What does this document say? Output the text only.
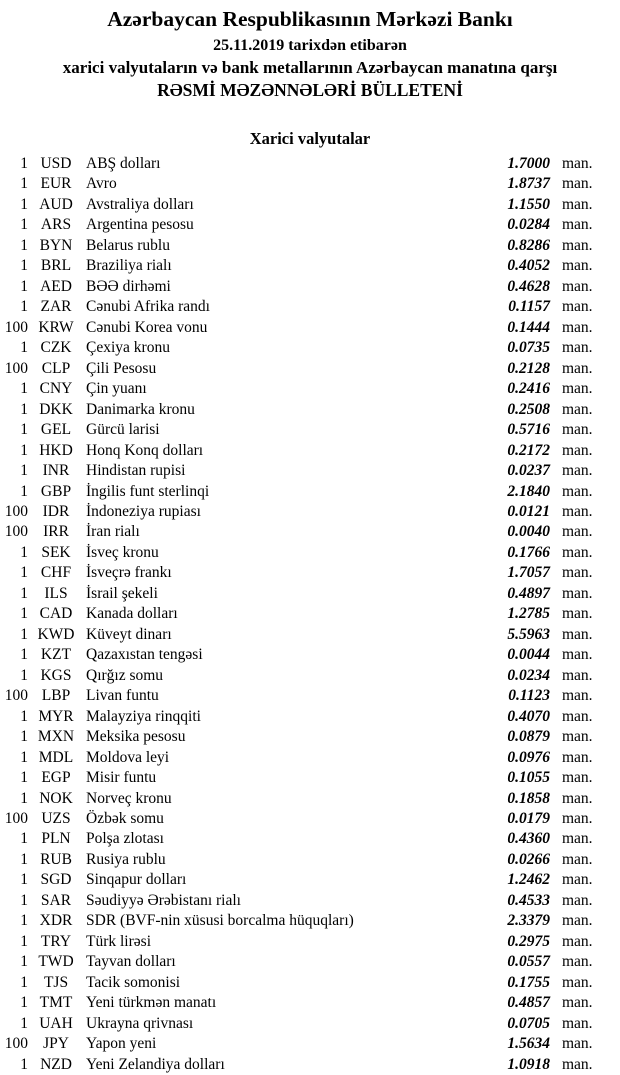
Azərbaycan Respublikasının Mərkəzi Bankı
25.11.2019 tarixdən etibarən
xarici valyutaların və bank metallarının Azərbaycan manatına qarşı
RƏSMİ MƏZƏNNƏLƏRİ BÜLLETENİ
Xarici valyutalar
1 USD ABŞ dolları	1.7000 man.
1 EUR Avro	1.8737 man.
1 AUD Avstraliya dolları	1.1550 man.
1 ARS Argentina pesosu	0.0284 man.
1 BYN Belarus rublu	0.8286 man.
1 BRL Braziliya rialı	0.4052 man.
1 AED BƏƏ dirhəmi	0.4628 man.
1 ZAR Cənubi Afrika randı	0.1157 man.
100 KRW Cənubi Korea vonu	0.1444 man.
1 CZK Çexiya kronu	0.0735 man.
100 CLP	Çili Pesosu	0.2128 man.
1 CNY Çin yuanı	0.2416 man.
1 DKK Danimarka kronu	0.2508 man.
1 GEL Gürcü larisi	0.5716 man.
1 HKD Honq Konq dolları	0.2172 man.
1 INR	Hindistan rupisi	0.0237 man.
1 GBP İngilis funt sterlinqi	2.1840 man.
100 IDR	İndoneziya rupiası	0.0121 man.
100 IRR	İran rialı	0.0040 man.
1 SEK İsveç kronu	0.1766 man.
1 CHF İsveçrə frankı	1.7057 man.
1	ILS	İsrail şekeli	0.4897 man.
1 CAD Kanada dolları	1.2785 man.
1 KWD Küveyt dinarı	5.5963 man.
1 KZT Qazaxıstan tengəsi	0.0044 man.
1 KGS Qırğız somu	0.0234 man.
100 LBP	Livan funtu	0.1123 man.
1 MYR Malayziya rinqqiti	0.4070 man.
1 MXN Meksika pesosu	0.0879 man.
1 MDL Moldova leyi	0.0976 man.
1 EGP Misir funtu	0.1055 man.
1 NOK Norveç kronu	0.1858 man.
100 UZS Özbək somu	0.0179 man.
1 PLN Polşa zlotası	0.4360 man.
1 RUB Rusiya rublu	0.0266 man.
1 SGD Sinqapur dolları	1.2462 man.
1 SAR Səudiyyə Ərəbistanı rialı	0.4533 man.
1 XDR SDR (BVF-nin xüsusi borcalma hüquqları)	2.3379 man.
1 TRY Türk lirəsi	0.2975 man.
1 TWD Tayvan dolları	0.0557 man.
1	TJS	Tacik somonisi	0.1755 man.
1 TMT Yeni türkmən manatı	0.4857 man.
1 UAH Ukrayna qrivnası	0.0705 man.
100 JPY	Yapon yeni	1.5634 man.
1 NZD Yeni Zelandiya dolları	1.0918 man.
